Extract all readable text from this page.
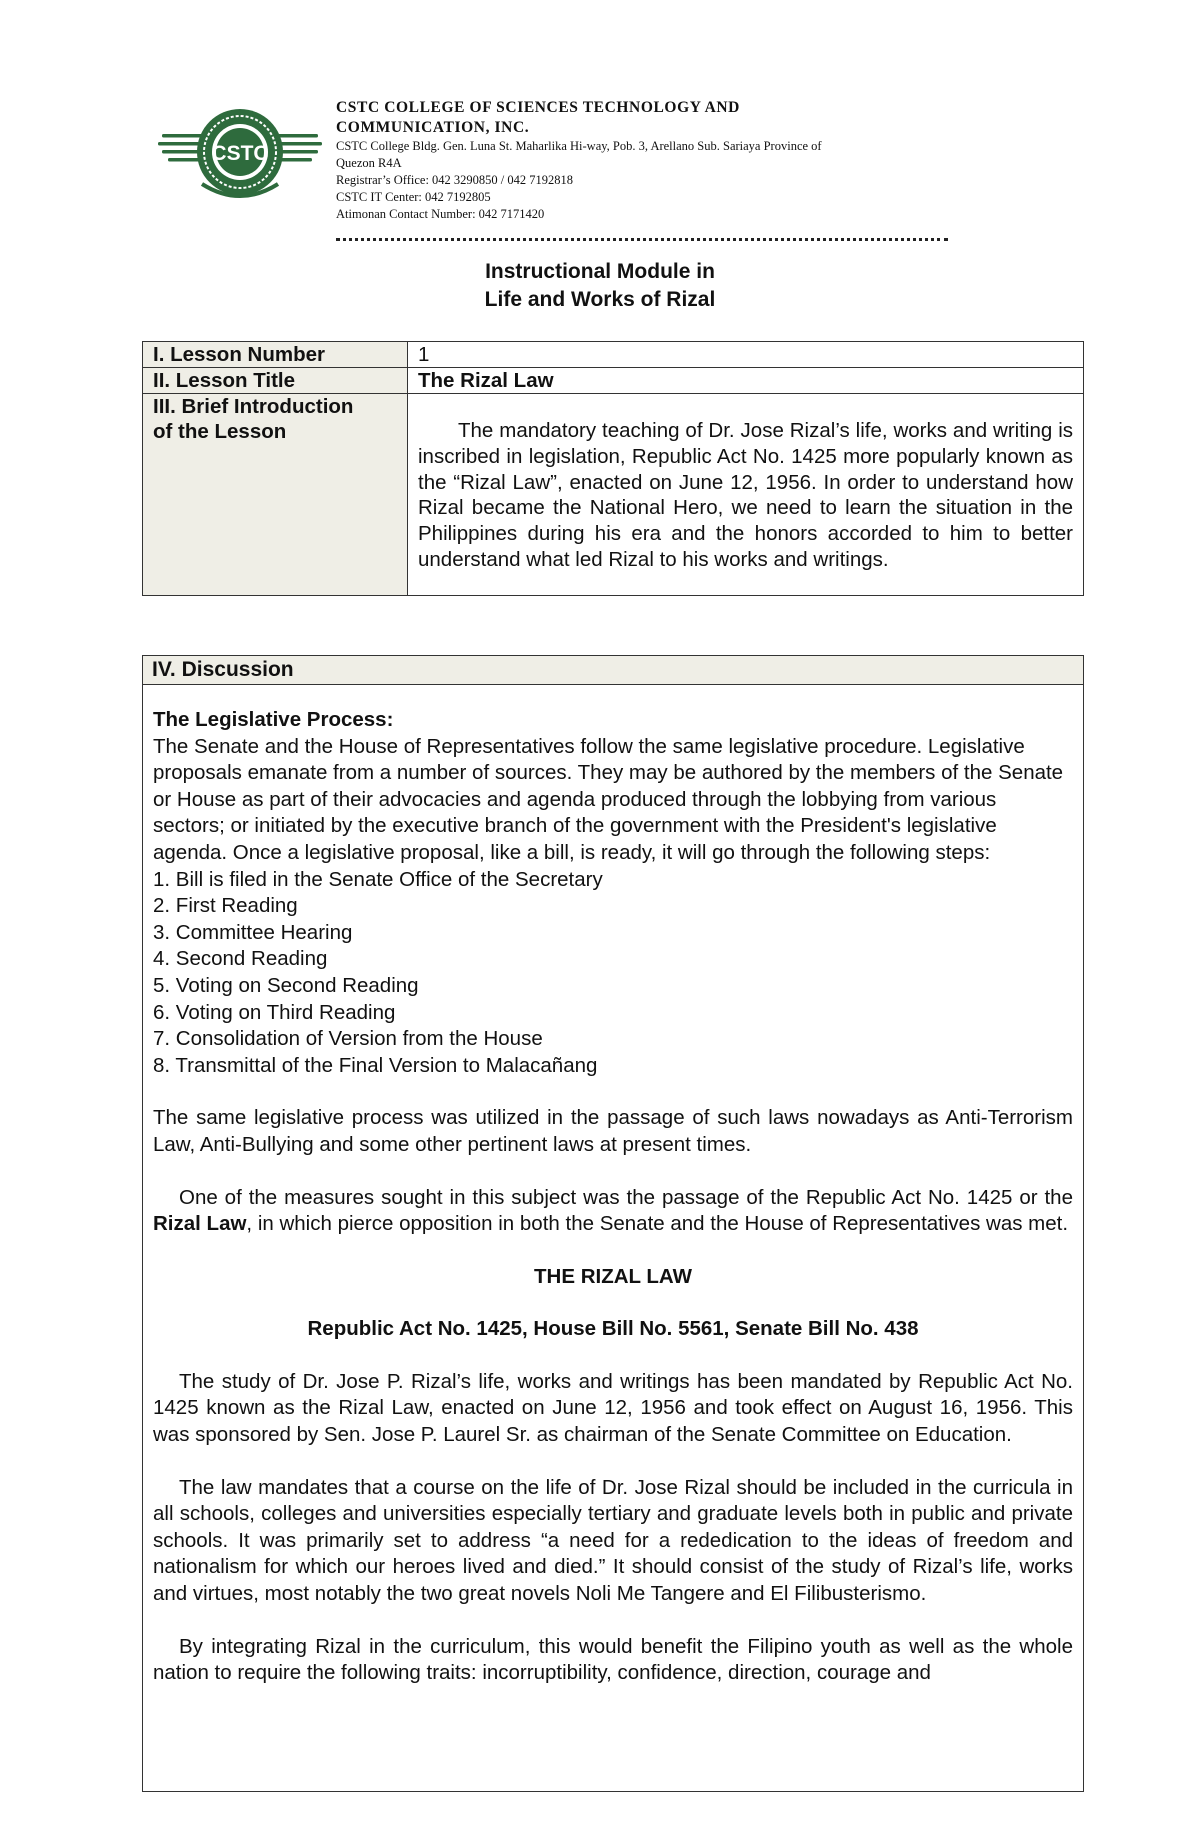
CSTC

CSTC COLLEGE OF SCIENCES TECHNOLOGY AND

COMMUNICATION, INC.

CSTC College Bldg. Gen. Luna St. Maharlika Hi-way, Pob. 3, Arellano Sub. Sariaya Province of

Quezon R4A

Registrar’s Office: 042 3290850 / 042 7192818

CSTC IT Center: 042 7192805

Atimonan Contact Number: 042 7171420

Instructional Module in
Life and Works of Rizal
I. Lesson Number	1
II. Lesson Title	The Rizal Law

III. Brief Introduction
of the Lesson	The mandatory teaching of Dr. Jose Rizal’s life, works and writing is inscribed in legislation, Republic Act No. 1425 more popularly known as the “Rizal Law”, enacted on June 12, 1956. In order to understand how Rizal became the National Hero, we need to learn the situation in the Philippines during his era and the honors accorded to him to better understand what led Rizal to his works and writings.

IV. Discussion

The Legislative Process:

The Senate and the House of Representatives follow the same legislative procedure. Legislative proposals emanate from a number of sources. They may be authored by the members of the Senate or House as part of their advocacies and agenda produced through the lobbying from various sectors; or initiated by the executive branch of the government with the President's legislative agenda. Once a legislative proposal, like a bill, is ready, it will go through the following steps:

1. Bill is filed in the Senate Office of the Secretary
2. First Reading
3. Committee Hearing
4. Second Reading
5. Voting on Second Reading
6. Voting on Third Reading
7. Consolidation of Version from the House
8. Transmittal of the Final Version to Malacañang

The same legislative process was utilized in the passage of such laws nowadays as Anti-Terrorism Law, Anti-Bullying and some other pertinent laws at present times.

One of the measures sought in this subject was the passage of the Republic Act No. 1425 or the Rizal Law, in which pierce opposition in both the Senate and the House of Representatives was met.

THE RIZAL LAW

Republic Act No. 1425, House Bill No. 5561, Senate Bill No. 438

The study of Dr. Jose P. Rizal’s life, works and writings has been mandated by Republic Act No. 1425 known as the Rizal Law, enacted on June 12, 1956 and took effect on August 16, 1956. This was sponsored by Sen. Jose P. Laurel Sr. as chairman of the Senate Committee on Education.

The law mandates that a course on the life of Dr. Jose Rizal should be included in the curricula in all schools, colleges and universities especially tertiary and graduate levels both in public and private schools. It was primarily set to address “a need for a rededication to the ideas of freedom and nationalism for which our heroes lived and died.” It should consist of the study of Rizal’s life, works and virtues, most notably the two great novels Noli Me Tangere and El Filibusterismo.

By integrating Rizal in the curriculum, this would benefit the Filipino youth as well as the whole nation to require the following traits: incorruptibility, confidence, direction, courage and
